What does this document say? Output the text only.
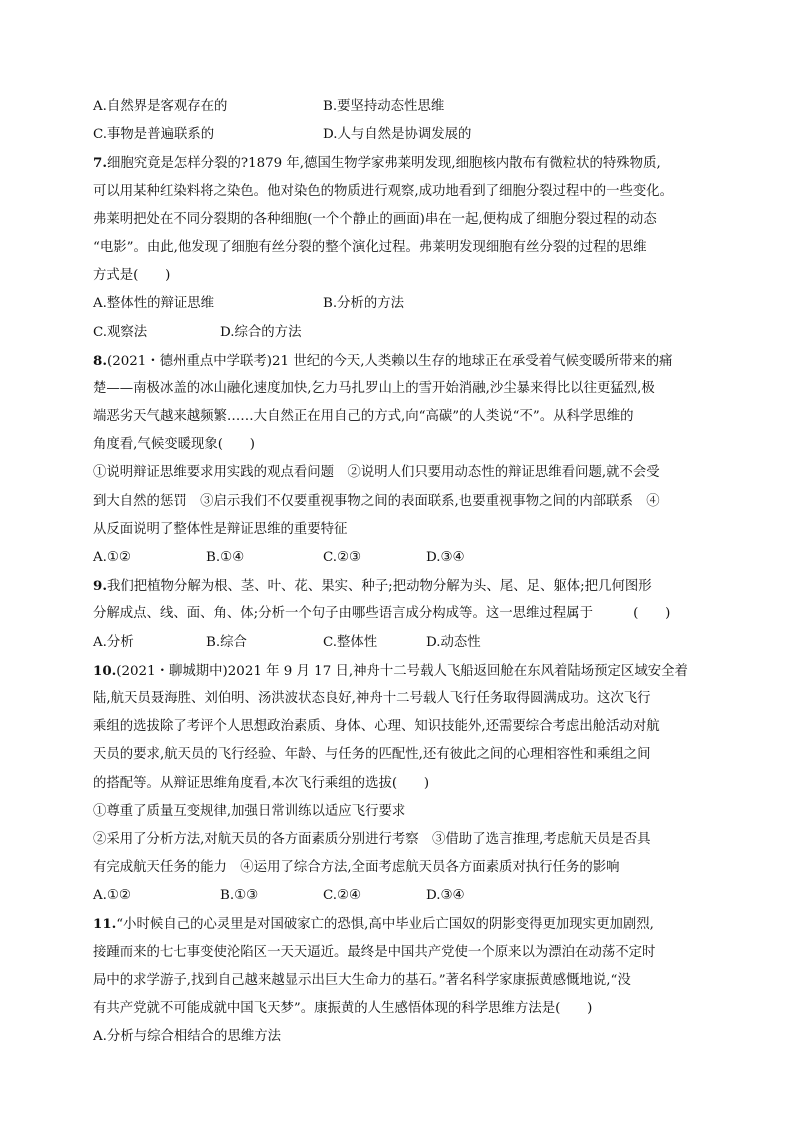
A.自然界是客观存在的	B.要坚持动态性思维
C.事物是普遍联系的	D.人与自然是协调发展的
7.细胞究竟是怎样分裂的?1879 年,德国生物学家弗莱明发现,细胞核内散布有微粒状的特殊物质,
可以用某种红染料将之染色。他对染色的物质进行观察,成功地看到了细胞分裂过程中的一些变化。
弗莱明把处在不同分裂期的各种细胞(一个个静止的画面)串在一起,便构成了细胞分裂过程的动态
“电影”。由此,他发现了细胞有丝分裂的整个演化过程。弗莱明发现细胞有丝分裂的过程的思维
方式是(　　)
A.整体性的辩证思维	B.分析的方法
C.观察法	D.综合的方法
8.(2021・德州重点中学联考)21 世纪的今天,人类赖以生存的地球正在承受着气候变暖所带来的痛
楚——南极冰盖的冰山融化速度加快,乞力马扎罗山上的雪开始消融,沙尘暴来得比以往更猛烈,极
端恶劣天气越来越频繁……大自然正在用自己的方式,向“高碳”的人类说“不”。从科学思维的
角度看,气候变暖现象(　　)
①说明辩证思维要求用实践的观点看问题　②说明人们只要用动态性的辩证思维看问题,就不会受
到大自然的惩罚　③启示我们不仅要重视事物之间的表面联系,也要重视事物之间的内部联系　④
从反面说明了整体性是辩证思维的重要特征
A.①②	B.①④	C.②③	D.③④
9.我们把植物分解为根、茎、叶、花、果实、种子;把动物分解为头、尾、足、躯体;把几何图形
分解成点、线、面、角、体;分析一个句子由哪些语言成分构成等。这一思维过程属于　　　(　　)
A.分析	B.综合	C.整体性	D.动态性
10.(2021・聊城期中)2021 年 9 月 17 日,神舟十二号载人飞船返回舱在东风着陆场预定区域安全着
陆,航天员聂海胜、刘伯明、汤洪波状态良好,神舟十二号载人飞行任务取得圆满成功。这次飞行
乘组的选拔除了考评个人思想政治素质、身体、心理、知识技能外,还需要综合考虑出舱活动对航
天员的要求,航天员的飞行经验、年龄、与任务的匹配性,还有彼此之间的心理相容性和乘组之间
的搭配等。从辩证思维角度看,本次飞行乘组的选拔(　　)
①尊重了质量互变规律,加强日常训练以适应飞行要求
②采用了分析方法,对航天员的各方面素质分别进行考察　③借助了选言推理,考虑航天员是否具
有完成航天任务的能力　④运用了综合方法,全面考虑航天员各方面素质对执行任务的影响
A.①②	B.①③	C.②④	D.③④
11.“小时候自己的心灵里是对国破家亡的恐惧,高中毕业后亡国奴的阴影变得更加现实更加剧烈,
接踵而来的七七事变使沦陷区一天天逼近。最终是中国共产党使一个原来以为漂泊在动荡不定时
局中的求学游子,找到自己越来越显示出巨大生命力的基石。”著名科学家康振黄感慨地说,“没
有共产党就不可能成就中国飞天梦”。康振黄的人生感悟体现的科学思维方法是(　　)
A.分析与综合相结合的思维方法
